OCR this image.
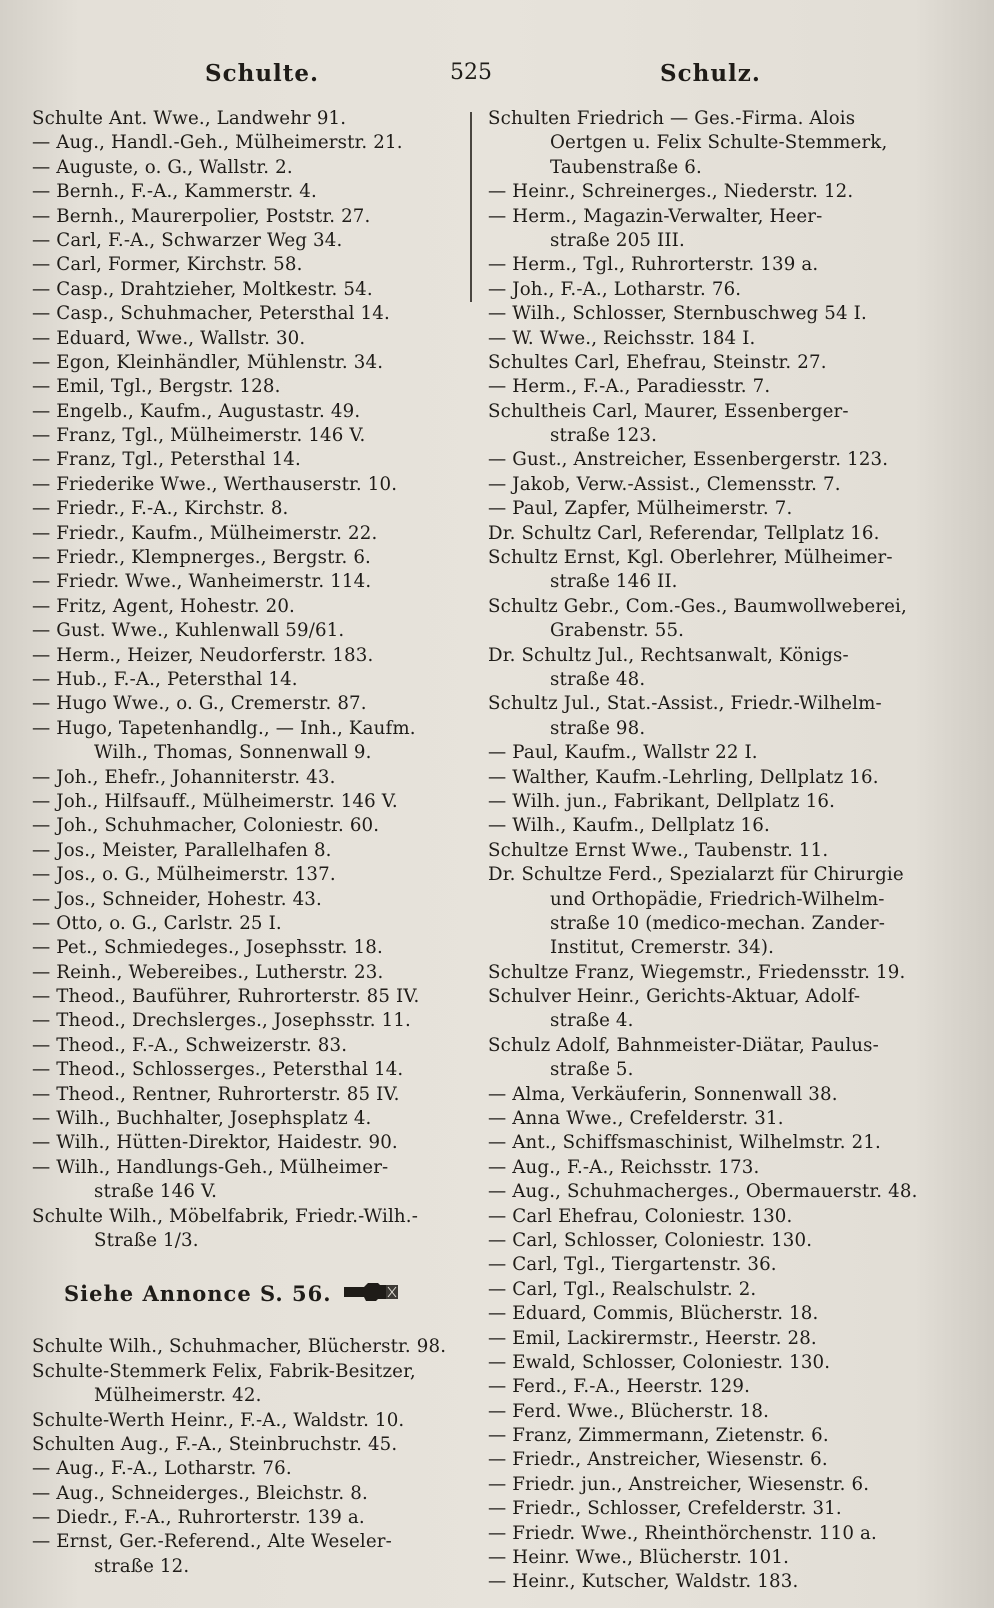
Schulte.	525	Schulz.
Schulte Ant. Wwe., Landwehr 91.
— Aug., Handl.-Geh., Mülheimerstr. 21.
— Auguste, o. G., Wallstr. 2.
— Bernh., F.-A., Kammerstr. 4.
— Bernh., Maurerpolier, Poststr. 27.
— Carl, F.-A., Schwarzer Weg 34.
— Carl, Former, Kirchstr. 58.
— Casp., Drahtzieher, Moltkestr. 54.
— Casp., Schuhmacher, Petersthal 14.
— Eduard, Wwe., Wallstr. 30.
— Egon, Kleinhändler, Mühlenstr. 34.
— Emil, Tgl., Bergstr. 128.
— Engelb., Kaufm., Augustastr. 49.
— Franz, Tgl., Mülheimerstr. 146 V.
— Franz, Tgl., Petersthal 14.
— Friederike Wwe., Werthauserstr. 10.
— Friedr., F.-A., Kirchstr. 8.
— Friedr., Kaufm., Mülheimerstr. 22.
— Friedr., Klempnerges., Bergstr. 6.
— Friedr. Wwe., Wanheimerstr. 114.
— Fritz, Agent, Hohestr. 20.
— Gust. Wwe., Kuhlenwall 59/61.
— Herm., Heizer, Neudorferstr. 183.
— Hub., F.-A., Petersthal 14.
— Hugo Wwe., o. G., Cremerstr. 87.
— Hugo, Tapetenhandlg., — Inh., Kaufm.
Wilh., Thomas, Sonnenwall 9.
— Joh., Ehefr., Johanniterstr. 43.
— Joh., Hilfsauff., Mülheimerstr. 146 V.
— Joh., Schuhmacher, Coloniestr. 60.
— Jos., Meister, Parallelhafen 8.
— Jos., o. G., Mülheimerstr. 137.
— Jos., Schneider, Hohestr. 43.
— Otto, o. G., Carlstr. 25 I.
— Pet., Schmiedeges., Josephsstr. 18.
— Reinh., Webereibes., Lutherstr. 23.
— Theod., Bauführer, Ruhrorterstr. 85 IV.
— Theod., Drechslerges., Josephsstr. 11.
— Theod., F.-A., Schweizerstr. 83.
— Theod., Schlosserges., Petersthal 14.
— Theod., Rentner, Ruhrorterstr. 85 IV.
— Wilh., Buchhalter, Josephsplatz 4.
— Wilh., Hütten-Direktor, Haidestr. 90.
— Wilh., Handlungs-Geh., Mülheimer-
straße 146 V.
Schulte Wilh., Möbelfabrik, Friedr.-Wilh.-
Straße 1/3.
Siehe Annonce S. 56.
Schulte Wilh., Schuhmacher, Blücherstr. 98.
Schulte-Stemmerk Felix, Fabrik-Besitzer,
Mülheimerstr. 42.
Schulte-Werth Heinr., F.-A., Waldstr. 10.
Schulten Aug., F.-A., Steinbruchstr. 45.
— Aug., F.-A., Lotharstr. 76.
— Aug., Schneiderges., Bleichstr. 8.
— Diedr., F.-A., Ruhrorterstr. 139 a.
— Ernst, Ger.-Referend., Alte Weseler-
straße 12.
Schulten Friedrich — Ges.-Firma. Alois
Oertgen u. Felix Schulte-Stemmerk,
Taubenstraße 6.
— Heinr., Schreinerges., Niederstr. 12.
— Herm., Magazin-Verwalter, Heer-
straße 205 III.
— Herm., Tgl., Ruhrorterstr. 139 a.
— Joh., F.-A., Lotharstr. 76.
— Wilh., Schlosser, Sternbuschweg 54 I.
— W. Wwe., Reichsstr. 184 I.
Schultes Carl, Ehefrau, Steinstr. 27.
— Herm., F.-A., Paradiesstr. 7.
Schultheis Carl, Maurer, Essenberger-
straße 123.
— Gust., Anstreicher, Essenbergerstr. 123.
— Jakob, Verw.-Assist., Clemensstr. 7.
— Paul, Zapfer, Mülheimerstr. 7.
Dr. Schultz Carl, Referendar, Tellplatz 16.
Schultz Ernst, Kgl. Oberlehrer, Mülheimer-
straße 146 II.
Schultz Gebr., Com.-Ges., Baumwollweberei,
Grabenstr. 55.
Dr. Schultz Jul., Rechtsanwalt, Königs-
straße 48.
Schultz Jul., Stat.-Assist., Friedr.-Wilhelm-
straße 98.
— Paul, Kaufm., Wallstr 22 I.
— Walther, Kaufm.-Lehrling, Dellplatz 16.
— Wilh. jun., Fabrikant, Dellplatz 16.
— Wilh., Kaufm., Dellplatz 16.
Schultze Ernst Wwe., Taubenstr. 11.
Dr. Schultze Ferd., Spezialarzt für Chirurgie
und Orthopädie, Friedrich-Wilhelm-
straße 10 (medico-mechan. Zander-
Institut, Cremerstr. 34).
Schultze Franz, Wiegemstr., Friedensstr. 19.
Schulver Heinr., Gerichts-Aktuar, Adolf-
straße 4.
Schulz Adolf, Bahnmeister-Diätar, Paulus-
straße 5.
— Alma, Verkäuferin, Sonnenwall 38.
— Anna Wwe., Crefelderstr. 31.
— Ant., Schiffsmaschinist, Wilhelmstr. 21.
— Aug., F.-A., Reichsstr. 173.
— Aug., Schuhmacherges., Obermauerstr. 48.
— Carl Ehefrau, Coloniestr. 130.
— Carl, Schlosser, Coloniestr. 130.
— Carl, Tgl., Tiergartenstr. 36.
— Carl, Tgl., Realschulstr. 2.
— Eduard, Commis, Blücherstr. 18.
— Emil, Lackirermstr., Heerstr. 28.
— Ewald, Schlosser, Coloniestr. 130.
— Ferd., F.-A., Heerstr. 129.
— Ferd. Wwe., Blücherstr. 18.
— Franz, Zimmermann, Zietenstr. 6.
— Friedr., Anstreicher, Wiesenstr. 6.
— Friedr. jun., Anstreicher, Wiesenstr. 6.
— Friedr., Schlosser, Crefelderstr. 31.
— Friedr. Wwe., Rheinthörchenstr. 110 a.
— Heinr. Wwe., Blücherstr. 101.
— Heinr., Kutscher, Waldstr. 183.
